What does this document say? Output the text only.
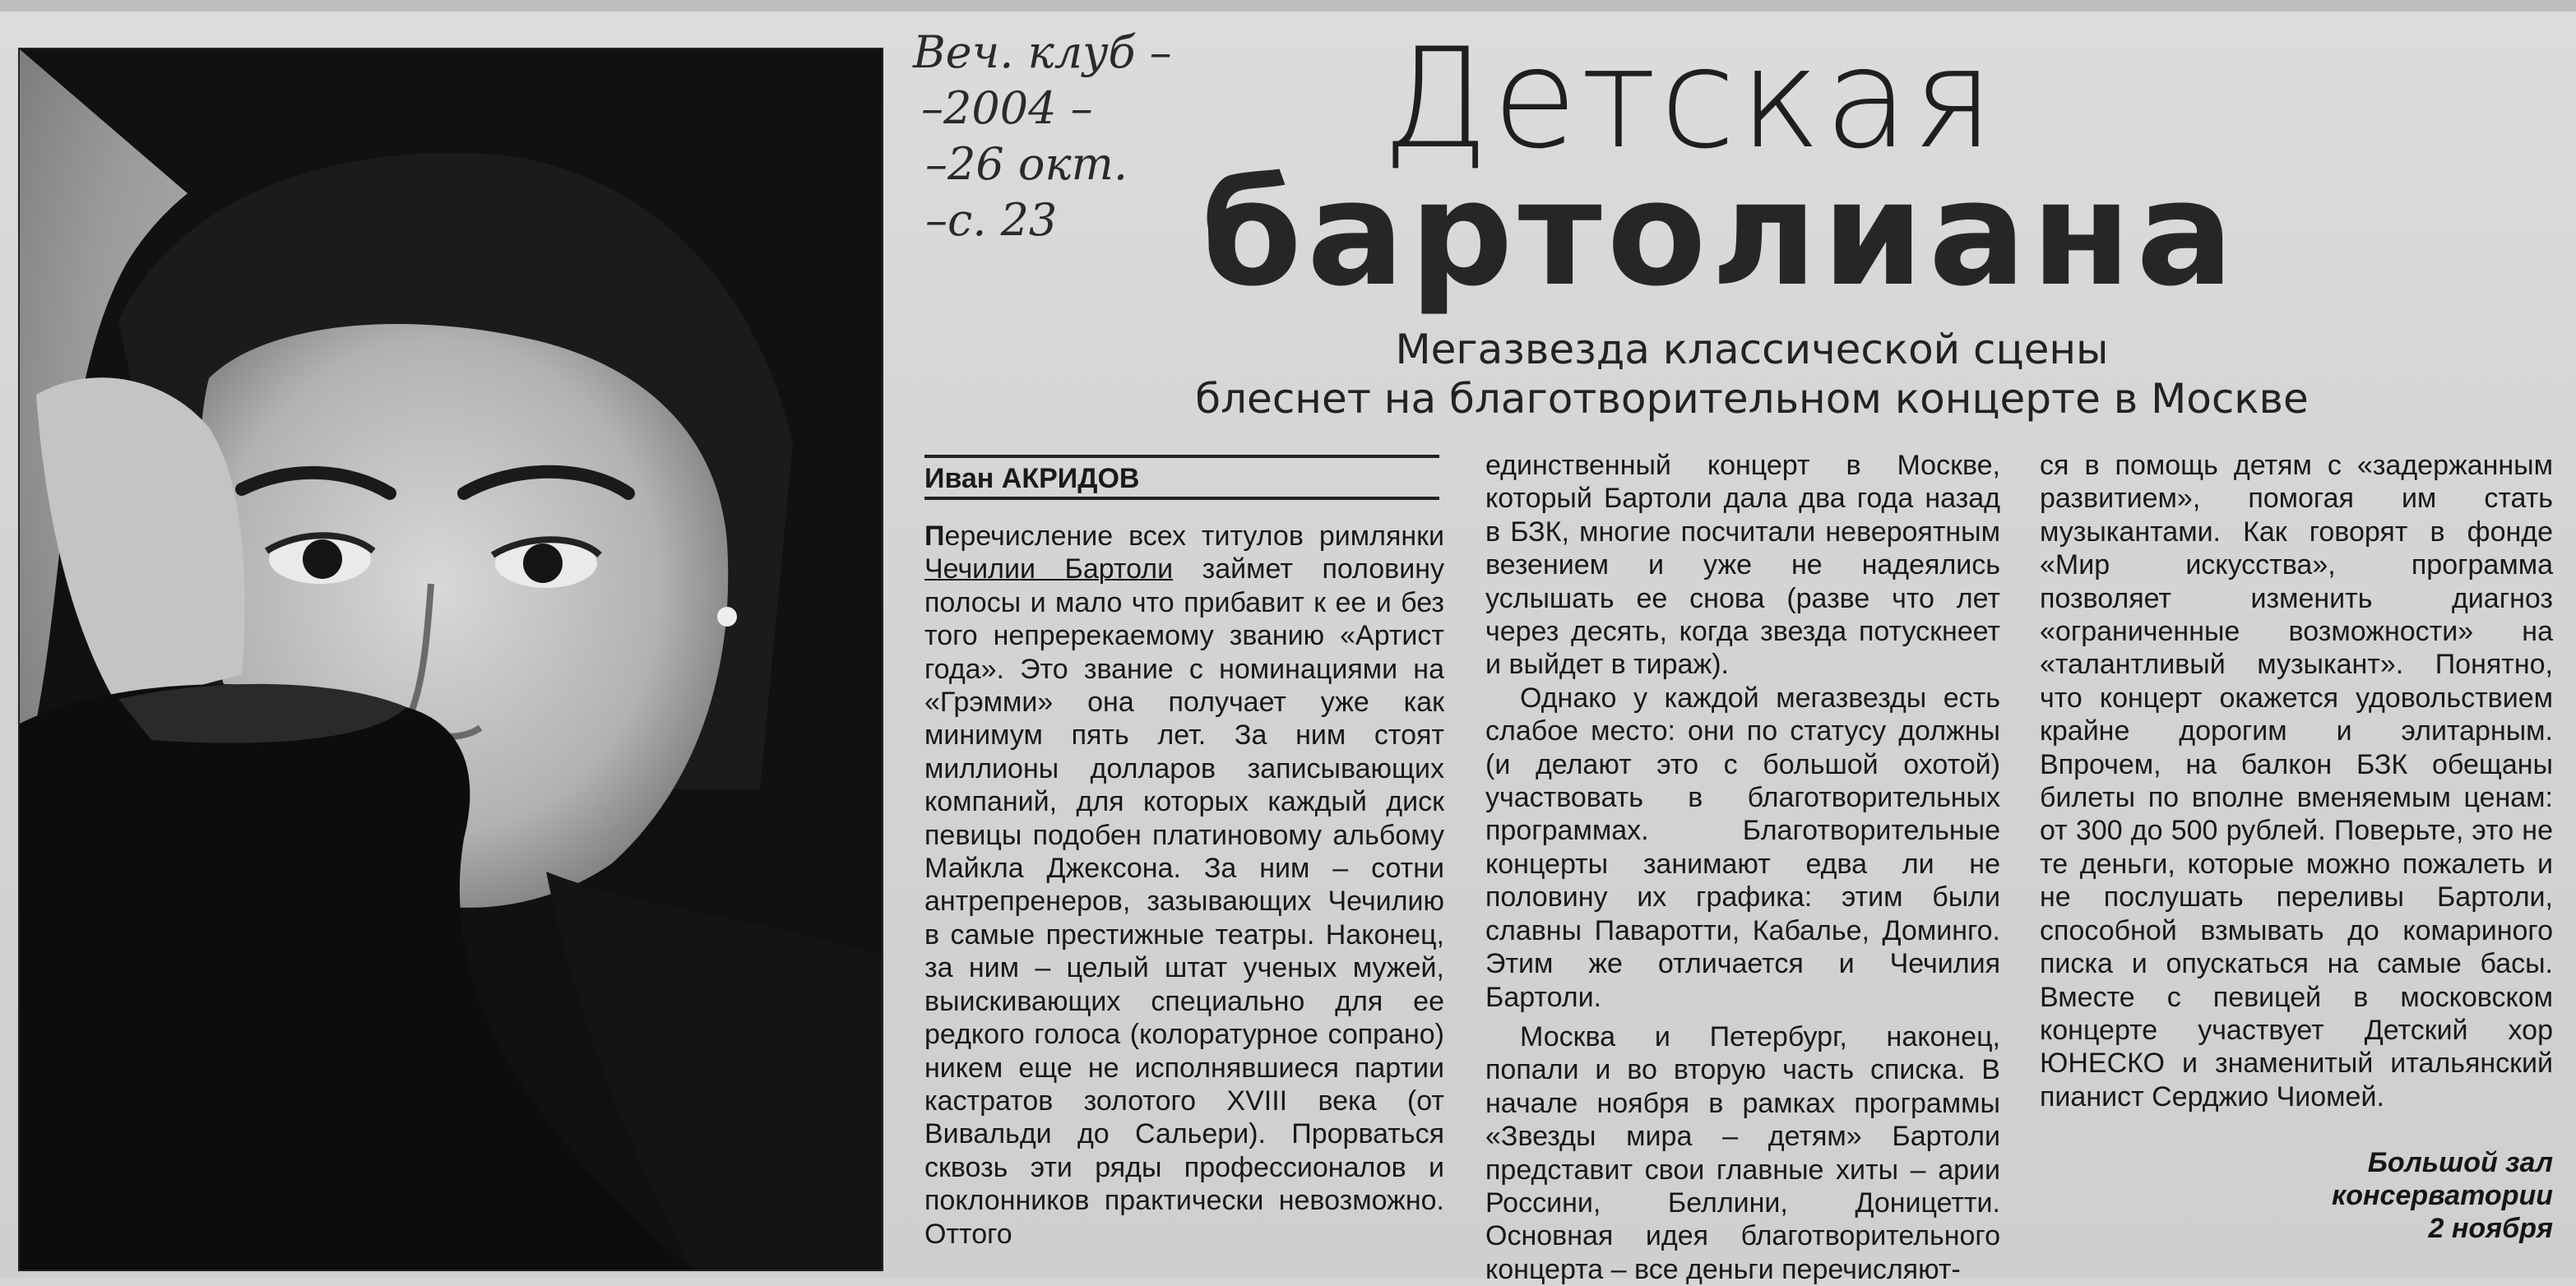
Веч. клуб –
–2004 –
–26 окт.
–с. 23
Детская
бартолиана
Мегазвезда классической сцены
блеснет на благотворительном концерте в Москве
Иван АКРИДОВ

Перечисление всех титулов римлянки Чечилии Бартоли займет половину полосы и мало что прибавит к ее и без того непререкаемому званию «Артист года». Это звание с номинациями на «Грэмми» она получает уже как минимум пять лет. За ним стоят миллионы долларов записывающих компаний, для которых каждый диск певицы подобен платиновому альбому Майкла Джексона. За ним – сотни антрепренеров, зазывающих Чечилию в самые престижные театры. Наконец, за ним – целый штат ученых мужей, выискивающих специально для ее редкого голоса (колоратурное сопрано) никем еще не исполнявшиеся партии кастратов золотого XVIII века (от Вивальди до Сальери). Прорваться сквозь эти ряды профессионалов и поклонников практически невозможно. Оттого

единственный концерт в Москве, который Бартоли дала два года назад в БЗК, многие посчитали невероятным везением и уже не надеялись услышать ее снова (разве что лет через десять, когда звезда потускнеет и выйдет в тираж).

Однако у каждой мегазвезды есть слабое место: они по статусу должны (и делают это с большой охотой) участвовать в благотворительных программах. Благотворительные концерты занимают едва ли не половину их графика: этим были славны Паваротти, Кабалье, Доминго. Этим же отличается и Чечилия Бартоли.

Москва и Петербург, наконец, попали и во вторую часть списка. В начале ноября в рамках программы «Звезды мира – детям» Бартоли представит свои главные хиты – арии Россини, Беллини, Доницетти. Основная идея благотворительного концерта – все деньги перечисляют-

ся в помощь детям с «задержанным развитием», помогая им стать музыкантами. Как говорят в фонде «Мир искусства», программа позволяет изменить диагноз «ограниченные возможности» на «талантливый музыкант». Понятно, что концерт окажется удовольствием крайне дорогим и элитарным. Впрочем, на балкон БЗК обещаны билеты по вполне вменяемым ценам: от 300 до 500 рублей. Поверьте, это не те деньги, которые можно пожалеть и не послушать переливы Бартоли, способной взмывать до комариного писка и опускаться на самые басы. Вместе с певицей в московском концерте участвует Детский хор ЮНЕСКО и знаменитый итальянский пианист Серджио Чиомей.

Большой зал
консерватории
2 ноября
